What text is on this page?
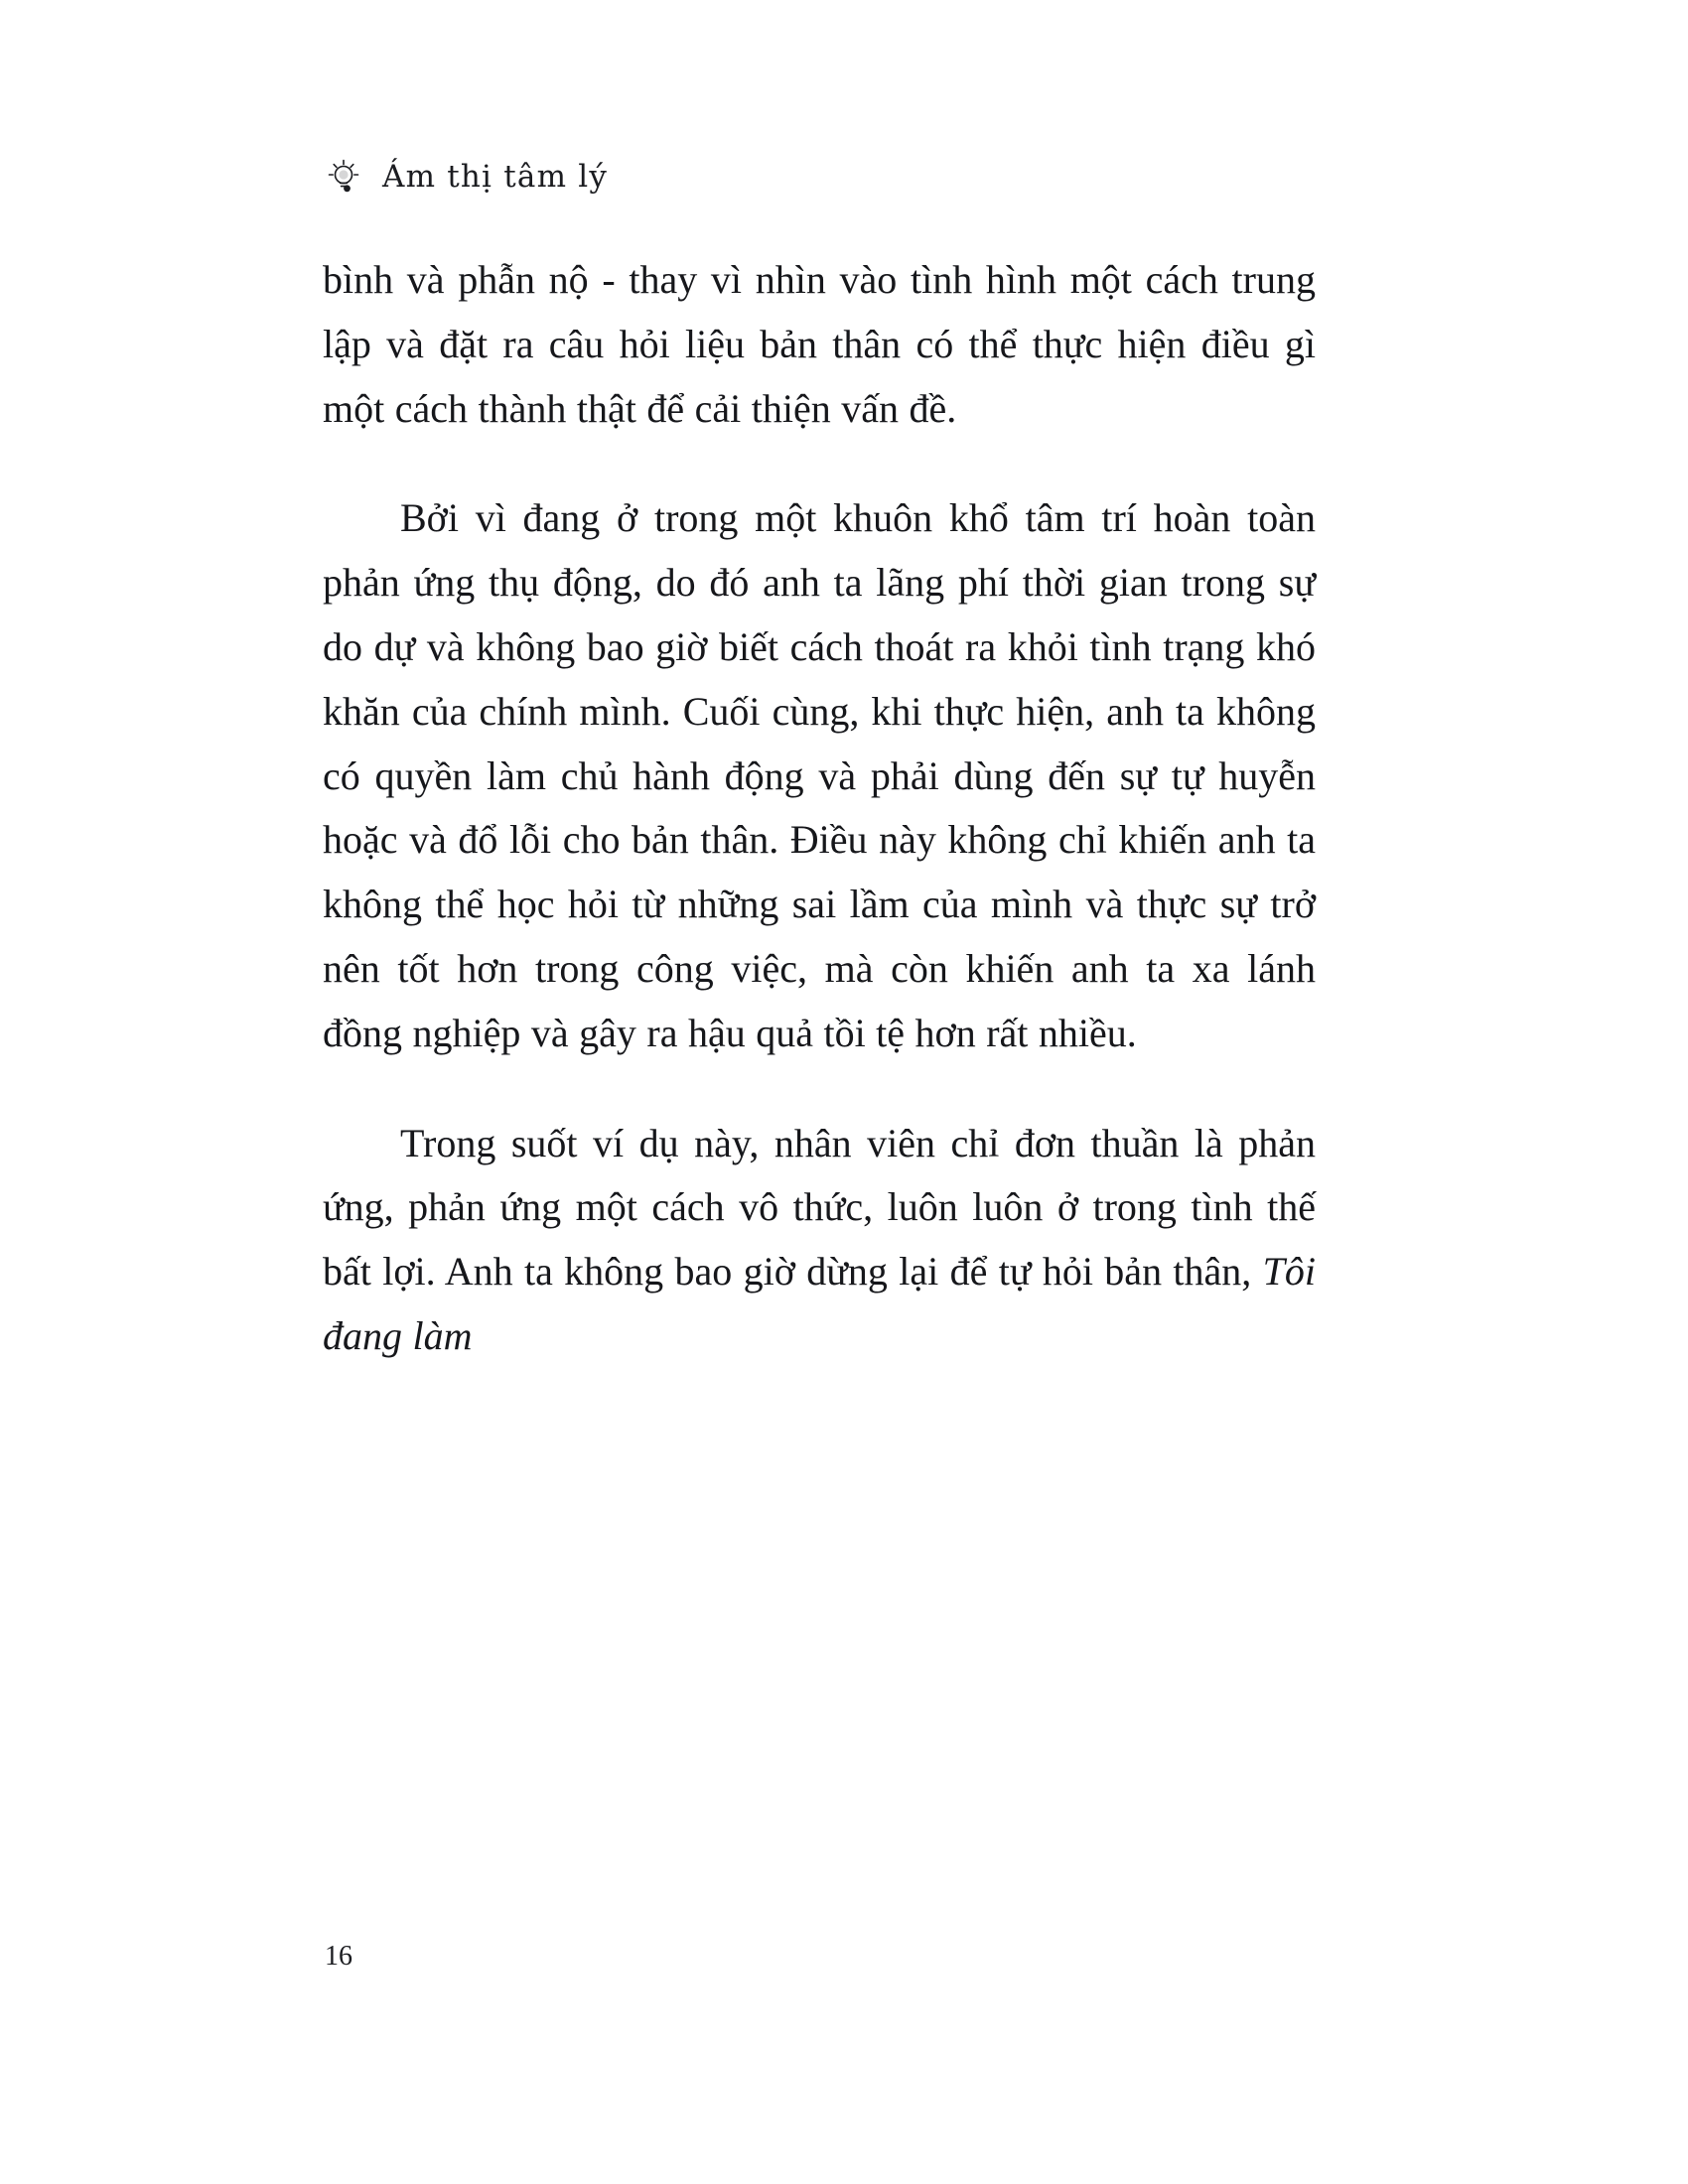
Ám thị tâm lý

bình và phẫn nộ - thay vì nhìn vào tình hình một cách trung lập và đặt ra câu hỏi liệu bản thân có thể thực hiện điều gì một cách thành thật để cải thiện vấn đề.

Bởi vì đang ở trong một khuôn khổ tâm trí hoàn toàn phản ứng thụ động, do đó anh ta lãng phí thời gian trong sự do dự và không bao giờ biết cách thoát ra khỏi tình trạng khó khăn của chính mình. Cuối cùng, khi thực hiện, anh ta không có quyền làm chủ hành động và phải dùng đến sự tự huyễn hoặc và đổ lỗi cho bản thân. Điều này không chỉ khiến anh ta không thể học hỏi từ những sai lầm của mình và thực sự trở nên tốt hơn trong công việc, mà còn khiến anh ta xa lánh đồng nghiệp và gây ra hậu quả tồi tệ hơn rất nhiều.

Trong suốt ví dụ này, nhân viên chỉ đơn thuần là phản ứng, phản ứng một cách vô thức, luôn luôn ở trong tình thế bất lợi. Anh ta không bao giờ dừng lại để tự hỏi bản thân, Tôi đang làm

16
